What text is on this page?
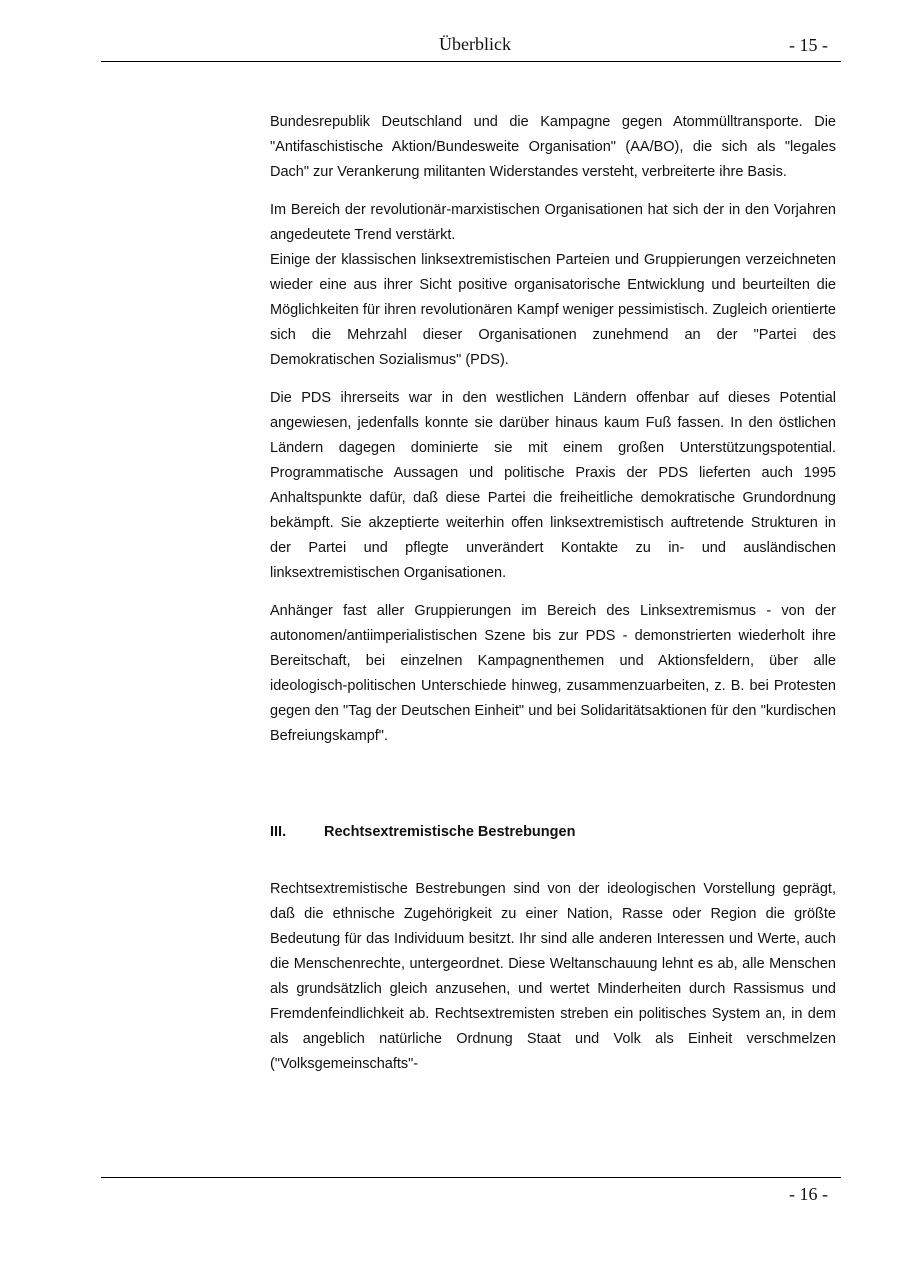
Überblick	- 15 -

Bundesrepublik Deutschland und die Kampagne gegen Atommülltransporte. Die "Antifaschistische Aktion/Bundesweite Organisation" (AA/BO), die sich als "legales Dach" zur Verankerung militanten Widerstandes versteht, verbreiterte ihre Basis.

Im Bereich der revolutionär-marxistischen Organisationen hat sich der in den Vorjahren angedeutete Trend verstärkt.

Einige der klassischen linksextremistischen Parteien und Gruppierungen verzeichneten wieder eine aus ihrer Sicht positive organisatorische Entwicklung und beurteilten die Möglichkeiten für ihren revolutionären Kampf weniger pessimistisch. Zugleich orientierte sich die Mehrzahl dieser Organisationen zunehmend an der "Partei des Demokratischen Sozialismus" (PDS).

Die PDS ihrerseits war in den westlichen Ländern offenbar auf dieses Potential angewiesen, jedenfalls konnte sie darüber hinaus kaum Fuß fassen. In den östlichen Ländern dagegen dominierte sie mit einem großen Unterstützungspotential. Programmatische Aussagen und politische Praxis der PDS lieferten auch 1995 Anhaltspunkte dafür, daß diese Partei die freiheitliche demokratische Grundordnung bekämpft. Sie akzeptierte weiterhin offen linksextremistisch auftretende Strukturen in der Partei und pflegte unverändert Kontakte zu in- und ausländischen linksextremistischen Organisationen.

Anhänger fast aller Gruppierungen im Bereich des Linksextremismus - von der autonomen/antiimperialistischen Szene bis zur PDS - demonstrierten wiederholt ihre Bereitschaft, bei einzelnen Kampagnenthemen und Aktionsfeldern, über alle ideologisch-politischen Unterschiede hinweg, zusammenzuarbeiten, z. B. bei Protesten gegen den "Tag der Deutschen Einheit" und bei Solidaritätsaktionen für den "kurdischen Befreiungskampf".

III.	Rechtsextremistische Bestrebungen

Rechtsextremistische Bestrebungen sind von der ideologischen Vorstellung geprägt, daß die ethnische Zugehörigkeit zu einer Nation, Rasse oder Region die größte Bedeutung für das Individuum besitzt. Ihr sind alle anderen Interessen und Werte, auch die Menschenrechte, untergeordnet. Diese Weltanschauung lehnt es ab, alle Menschen als grundsätzlich gleich anzusehen, und wertet Minderheiten durch Rassismus und Fremdenfeindlichkeit ab. Rechtsextremisten streben ein politisches System an, in dem als angeblich natürliche Ordnung Staat und Volk als Einheit verschmelzen ("Volksgemeinschafts"-

- 16 -
